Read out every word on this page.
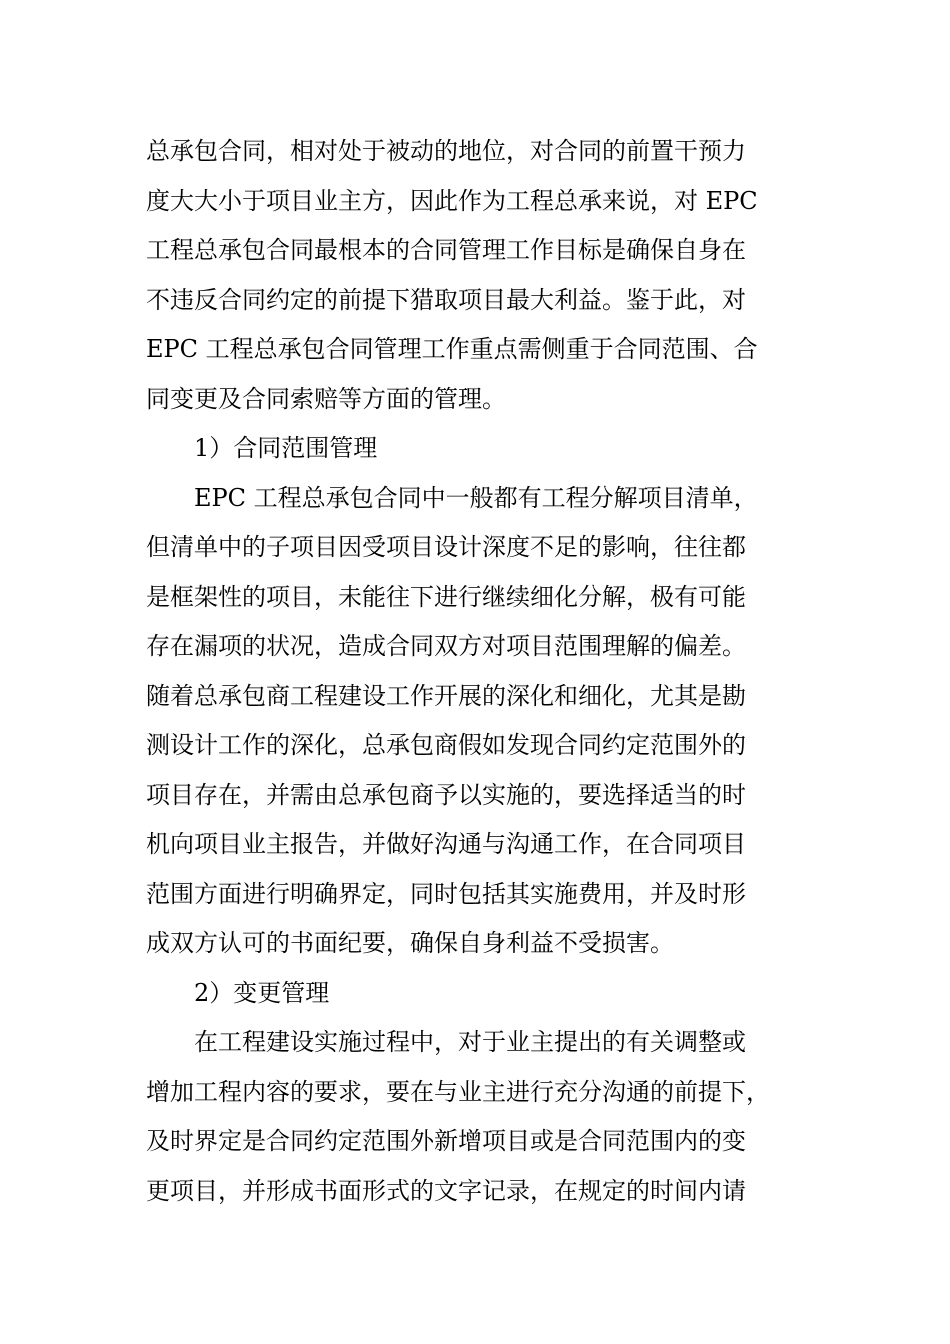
总承包合同，相对处于被动的地位，对合同的前置干预力
度大大小于项目业主方，因此作为工程总承来说，对 EPC
工程总承包合同最根本的合同管理工作目标是确保自身在
不违反合同约定的前提下猎取项目最大利益。鉴于此，对
EPC 工程总承包合同管理工作重点需侧重于合同范围、合
同变更及合同索赔等方面的管理。
1）合同范围管理
EPC 工程总承包合同中一般都有工程分解项目清单，
但清单中的子项目因受项目设计深度不足的影响，往往都
是框架性的项目，未能往下进行继续细化分解，极有可能
存在漏项的状况，造成合同双方对项目范围理解的偏差。
随着总承包商工程建设工作开展的深化和细化，尤其是勘
测设计工作的深化，总承包商假如发现合同约定范围外的
项目存在，并需由总承包商予以实施的，要选择适当的时
机向项目业主报告，并做好沟通与沟通工作，在合同项目
范围方面进行明确界定，同时包括其实施费用，并及时形
成双方认可的书面纪要，确保自身利益不受损害。
2）变更管理
在工程建设实施过程中，对于业主提出的有关调整或
增加工程内容的要求，要在与业主进行充分沟通的前提下，
及时界定是合同约定范围外新增项目或是合同范围内的变
更项目，并形成书面形式的文字记录，在规定的时间内请
